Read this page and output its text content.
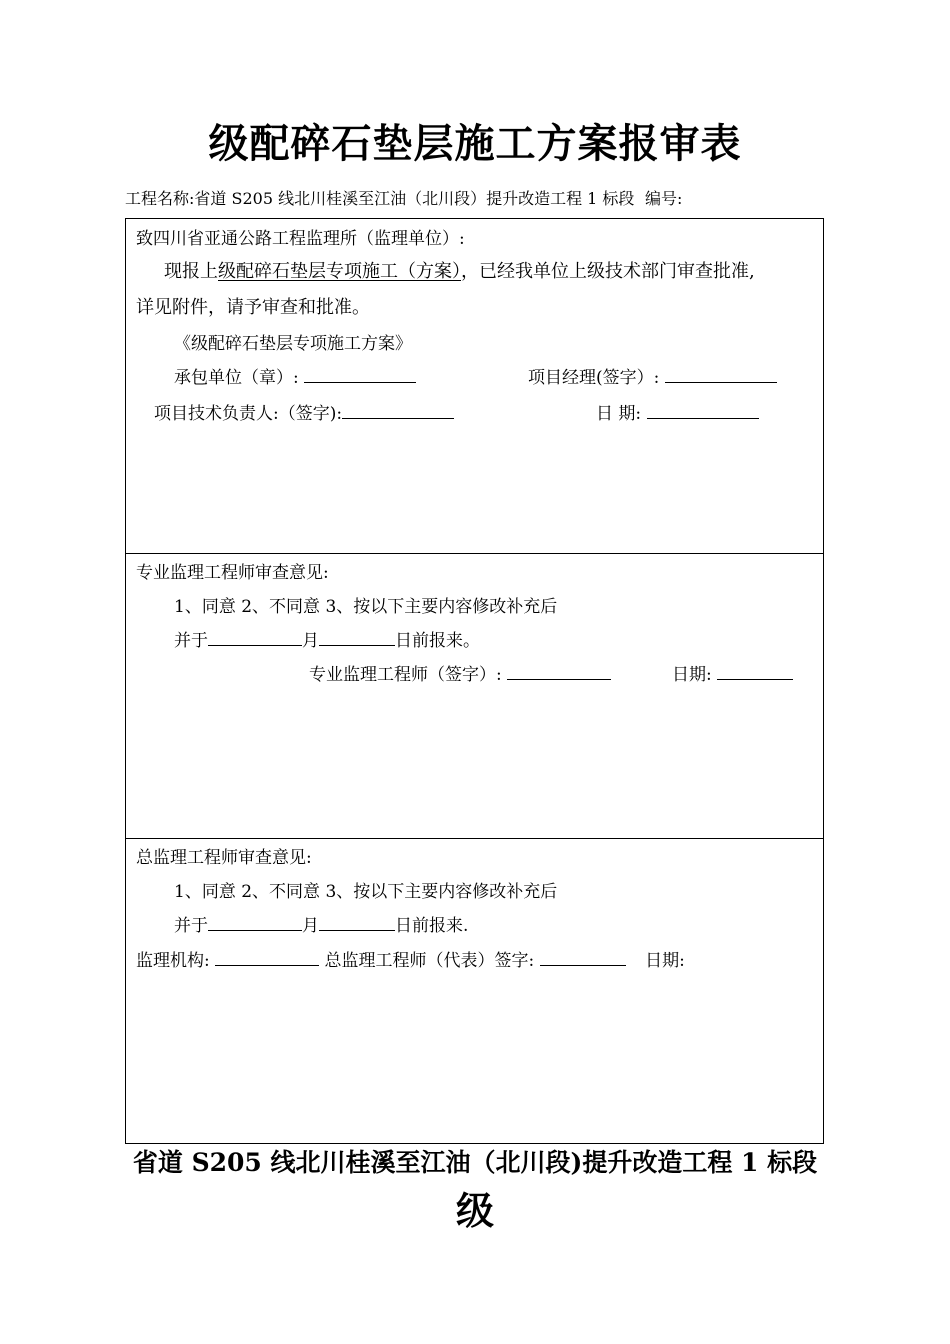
级配碎石垫层施工方案报审表
工程名称:省道 S205 线北川桂溪至江油（北川段）提升改造工程 1 标段 编号:
致四川省亚通公路工程监理所（监理单位）:
现报上级配碎石垫层专项施工（方案），已经我单位上级技术部门审查批准,
详见附件，请予审查和批准。
《级配碎石垫层专项施工方案》
承包单位（章）:	项目经理(签字）:
项目技术负责人:（签字):	日 期:
专业监理工程师审查意见:
1、同意 2、不同意 3、按以下主要内容修改补充后
并于	月	日前报来。
专业监理工程师（签字）:	日期:
总监理工程师审查意见:
1、同意 2、不同意 3、按以下主要内容修改补充后
并于	月	日前报来.
监理机构:	总监理工程师（代表）签字:	日期:
省道 S205 线北川桂溪至江油（北川段)提升改造工程 1 标段
级
